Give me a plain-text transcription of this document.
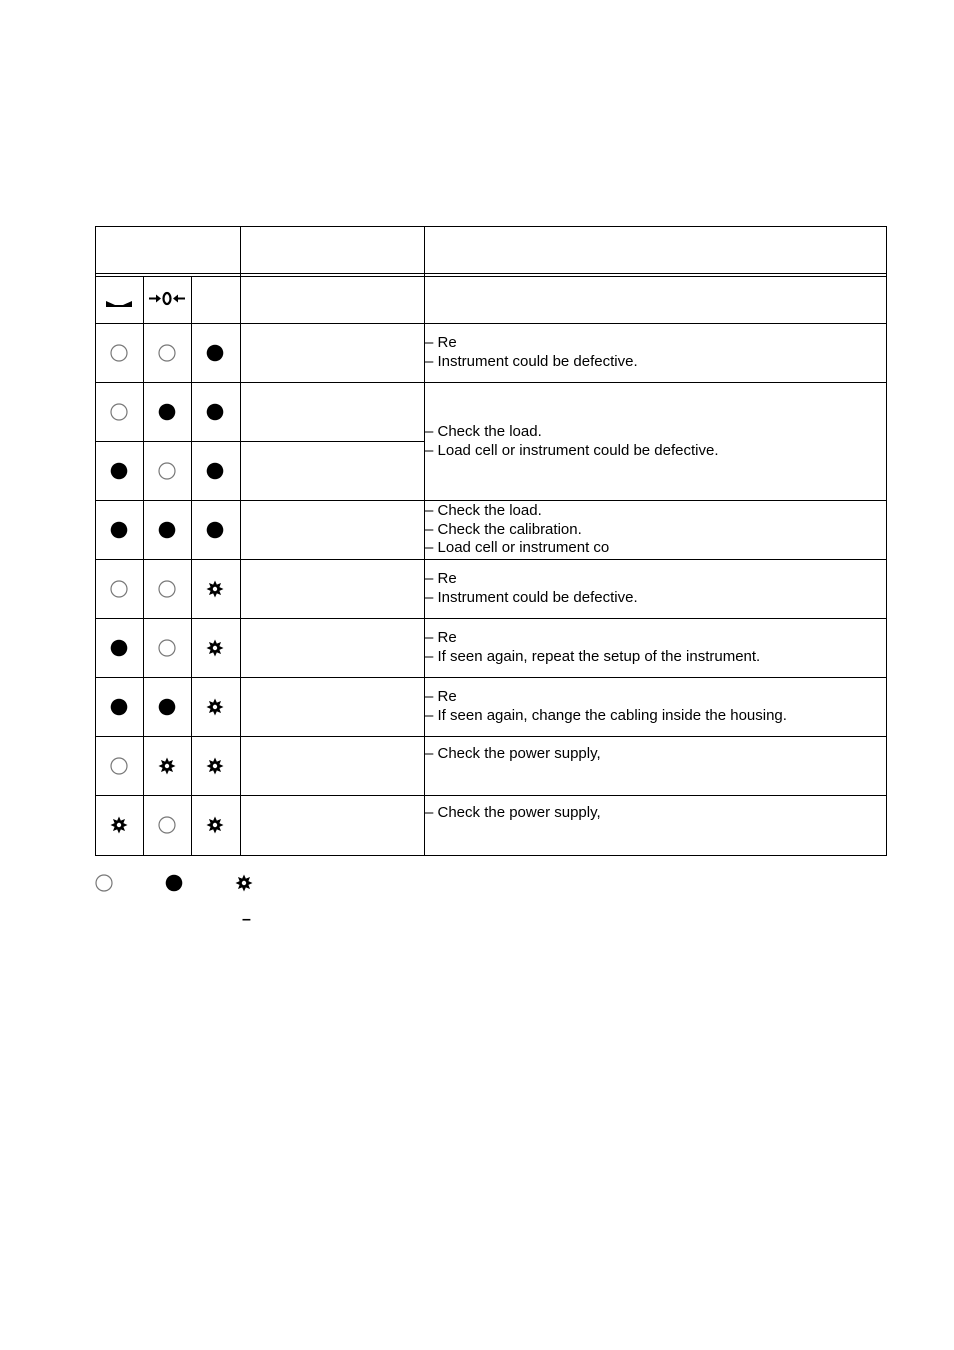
– Re
– Instrument could be defective.
– Check the load.
– Check the calibration.
– Load cell or instrument co
– Re
– Instrument could be defective.
– Re
– If seen again, repeat the setup of the instrument.
– Re
– If seen again, change the cabling inside the housing.
– Check the power supply,
– Check the power supply,
– Check the load.
– Load cell or instrument could be defective.
–
